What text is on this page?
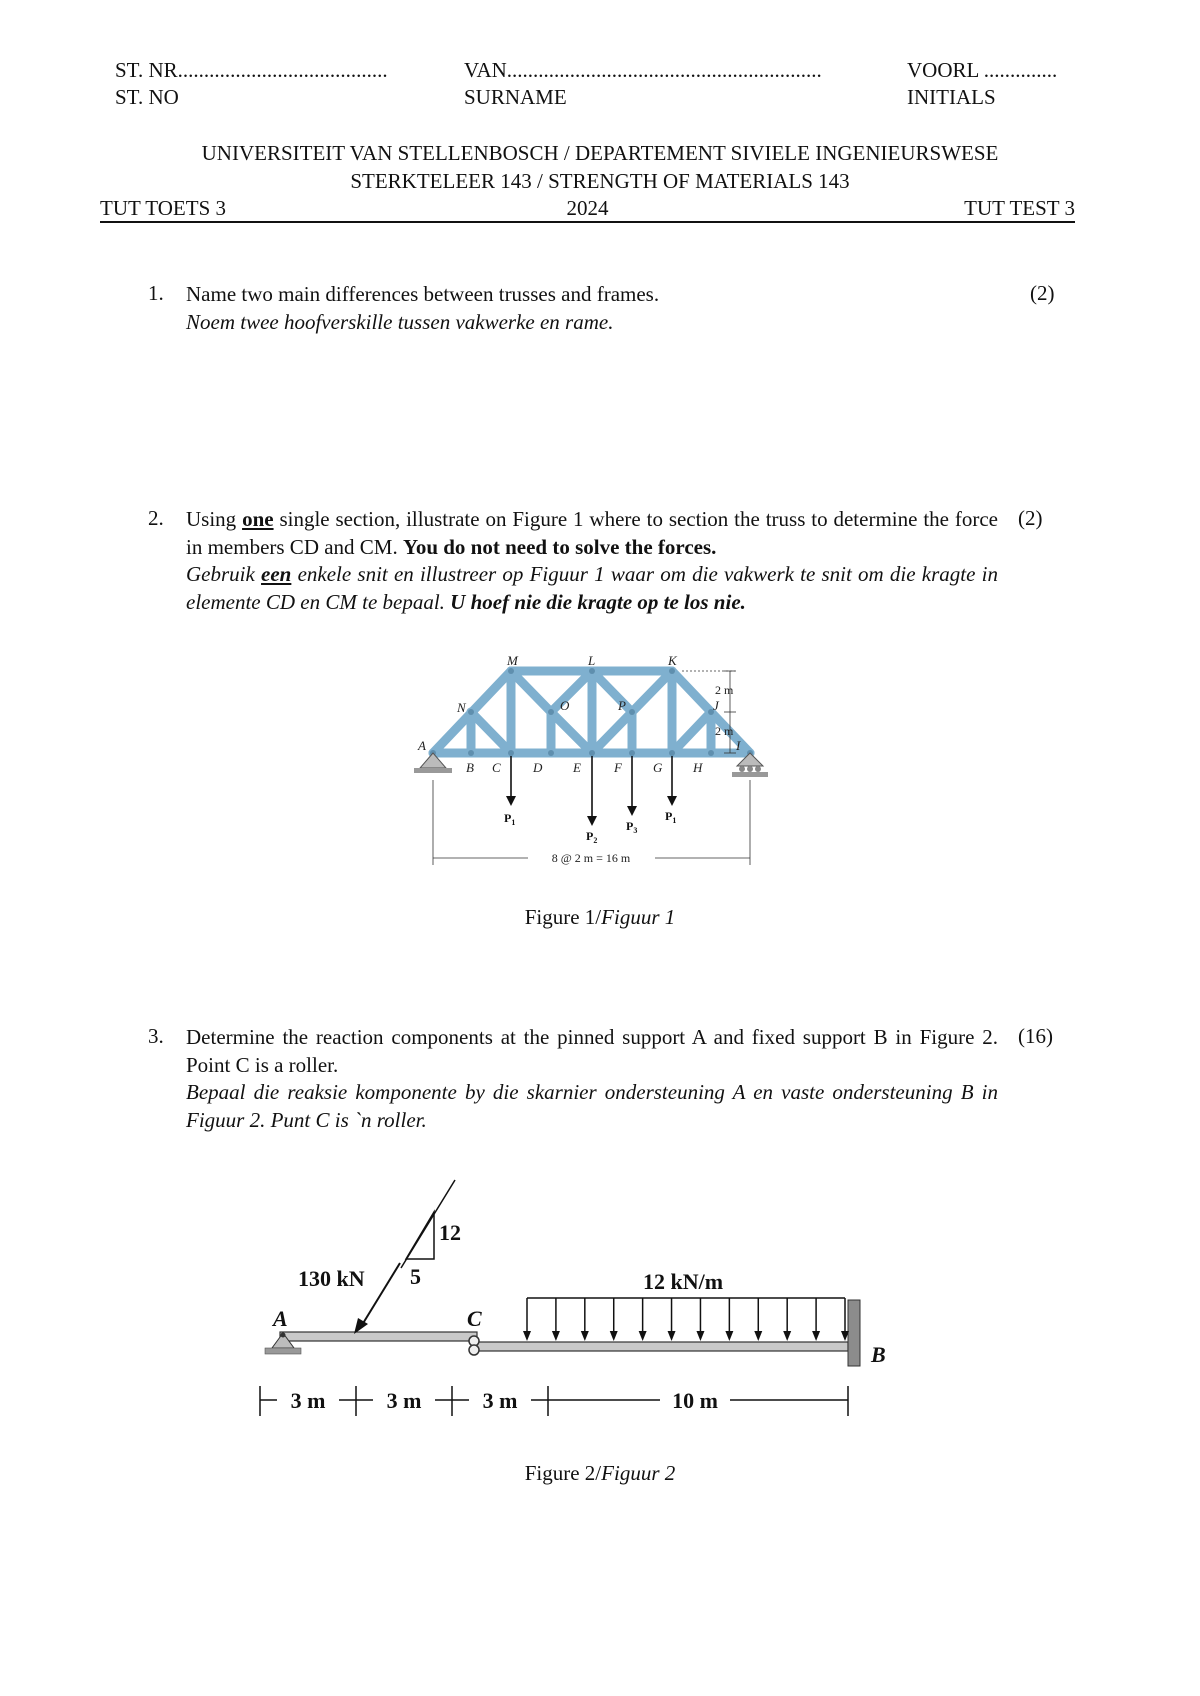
ST. NR........................................
ST. NO
VAN............................................................
SURNAME
VOORL ..............
INITIALS
UNIVERSITEIT VAN STELLENBOSCH / DEPARTEMENT SIVIELE INGENIEURSWESE
STERKTELEER 143 / STRENGTH OF MATERIALS 143
TUT TOETS 3	2024	TUT TEST 3
1.	(2)

Name two main differences between trusses and frames.

Noem twee hoofverskille tussen vakwerke en rame.

2.	(2)

Using one single section, illustrate on Figure 1 where to section the truss to determine the force in members CD and CM. You do not need to solve the forces.

Gebruik een enkele snit en illustreer op Figuur 1 waar om die vakwerk te snit om die kragte in elemente CD en CM te bepaal. U hoef nie die kragte op te los nie.

M	L	K
N	O	P	J
A
B C D E	F G H
I
$P_1$
$P_2$
$P_3$
$P_1$
2 m
2 m
8 @ 2 m = 16 m
Figure 1/Figuur 1
3.	(16)

Determine the reaction components at the pinned support A and fixed support B in Figure 2. Point C is a roller.

Bepaal die reaksie komponente by die skarnier ondersteuning A en vaste ondersteuning B in Figuur 2. Punt C is `n roller.

A	C
B
130 kN
12
5	12 kN/m
3 m	3 m	3 m	10 m
Figure 2/Figuur 2
